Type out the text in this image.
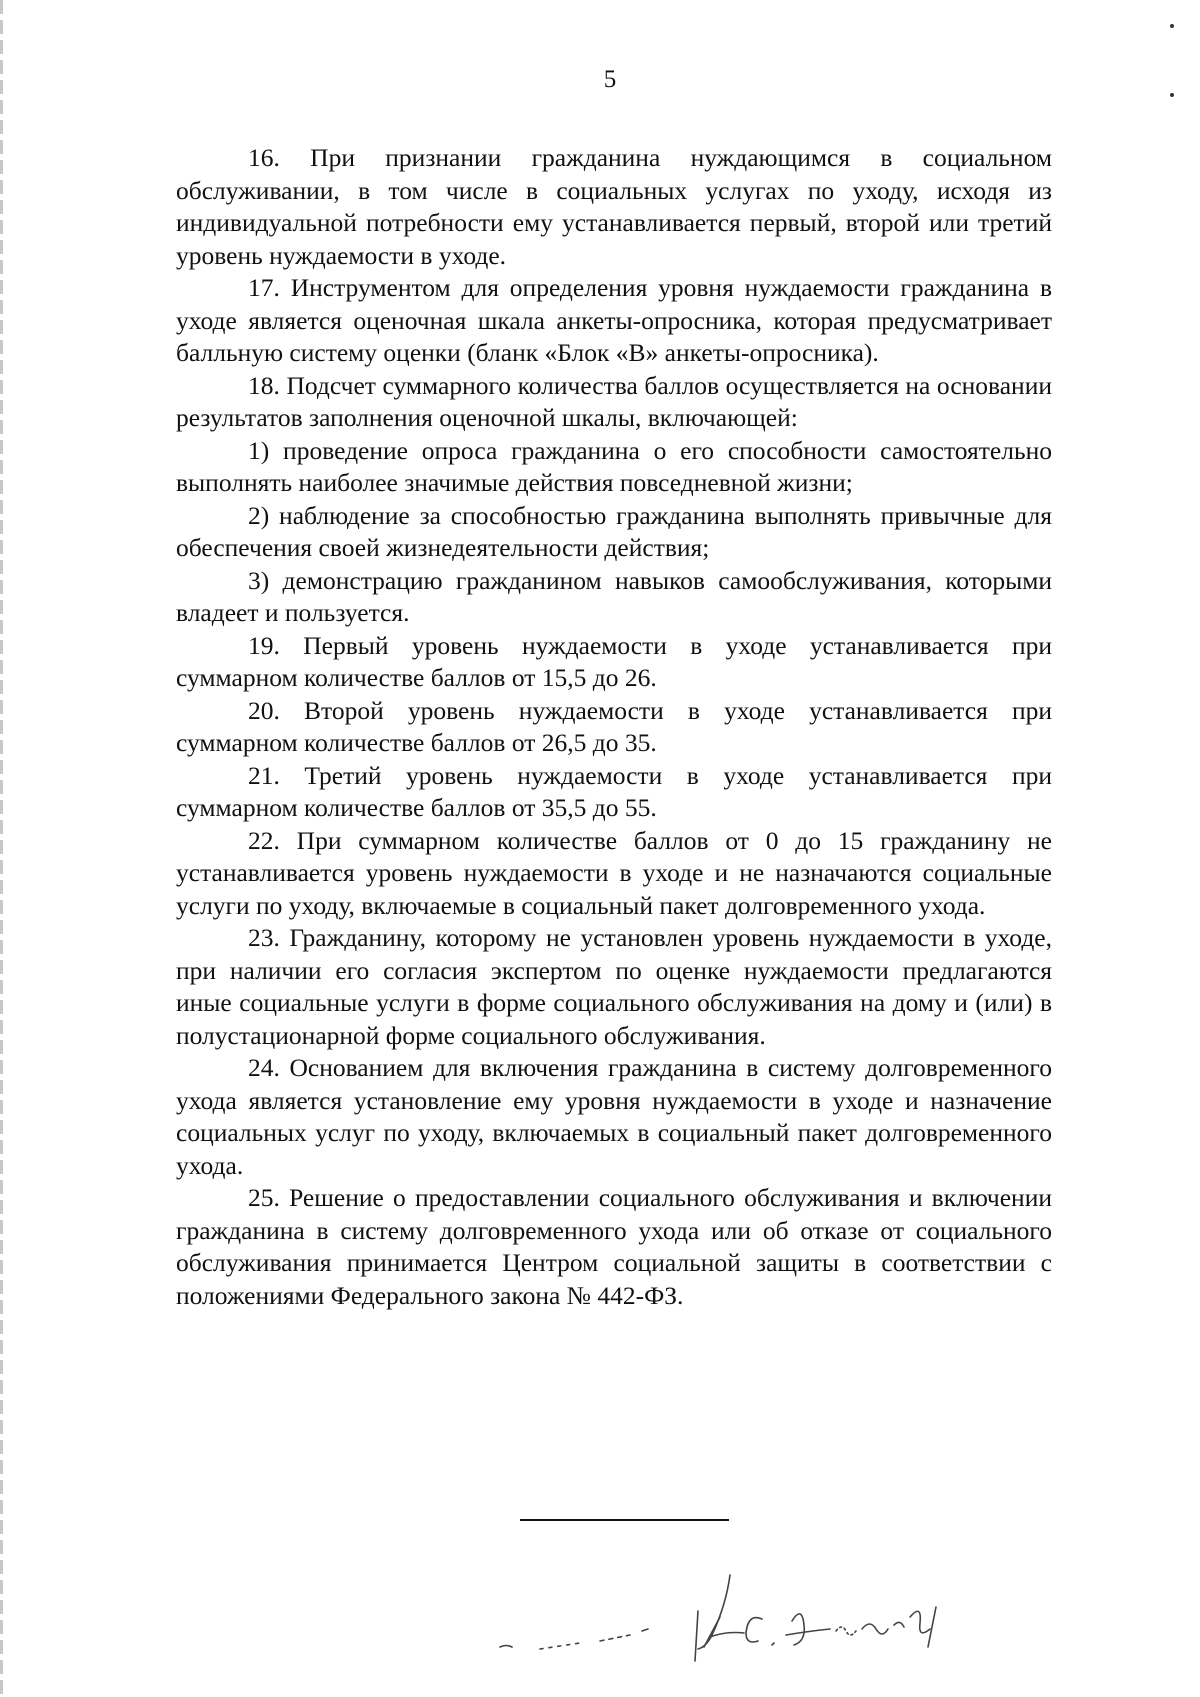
5

16. При признании гражданина нуждающимся в социальном обслуживании, в том числе в социальных услугах по уходу, исходя из индивидуальной потребности ему устанавливается первый, второй или третий уровень нуждаемости в уходе.

17. Инструментом для определения уровня нуждаемости гражданина в уходе является оценочная шкала анкеты-опросника, которая предусматривает балльную систему оценки (бланк «Блок «В» анкеты-опросника).

18. Подсчет суммарного количества баллов осуществляется на основании результатов заполнения оценочной шкалы, включающей:

1) проведение опроса гражданина о его способности самостоятельно выполнять наиболее значимые действия повседневной жизни;

2) наблюдение за способностью гражданина выполнять привычные для обеспечения своей жизнедеятельности действия;

3) демонстрацию гражданином навыков самообслуживания, которыми владеет и пользуется.

19. Первый уровень нуждаемости в уходе устанавливается при суммарном количестве баллов от 15,5 до 26.

20. Второй уровень нуждаемости в уходе устанавливается при суммарном количестве баллов от 26,5 до 35.

21. Третий уровень нуждаемости в уходе устанавливается при суммарном количестве баллов от 35,5 до 55.

22. При суммарном количестве баллов от 0 до 15 гражданину не устанавливается уровень нуждаемости в уходе и не назначаются социальные услуги по уходу, включаемые в социальный пакет долговременного ухода.

23. Гражданину, которому не установлен уровень нуждаемости в уходе, при наличии его согласия экспертом по оценке нуждаемости предлагаются иные социальные услуги в форме социального обслуживания на дому и (или) в полустационарной форме социального обслуживания.

24. Основанием для включения гражданина в систему долговременного ухода является установление ему уровня нуждаемости в уходе и назначение социальных услуг по уходу, включаемых в социальный пакет долговременного ухода.

25. Решение о предоставлении социального обслуживания и включении гражданина в систему долговременного ухода или об отказе от социального обслуживания принимается Центром социальной защиты в соответствии с положениями Федерального закона № 442-ФЗ.
